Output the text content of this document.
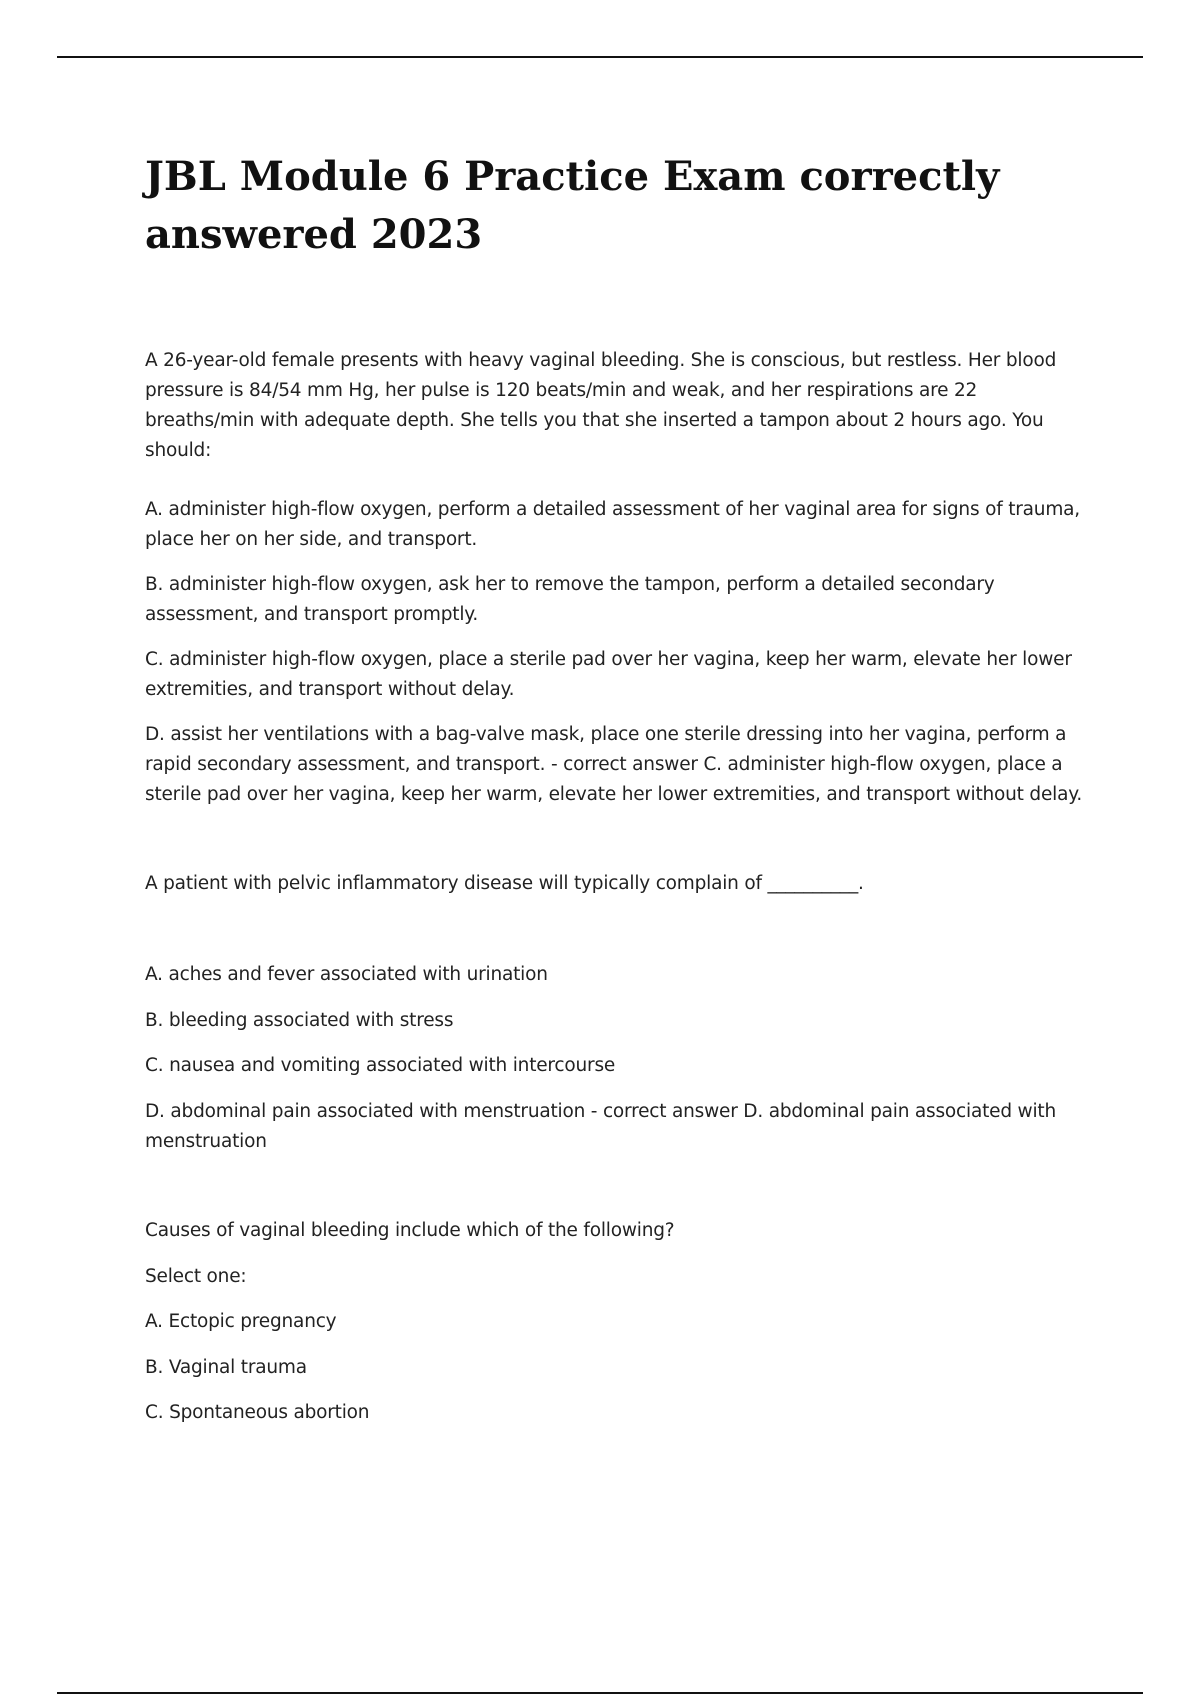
JBL Module 6 Practice Exam correctly answered 2023

A 26-year-old female presents with heavy vaginal bleeding. She is conscious, but restless. Her blood pressure is 84/54 mm Hg, her pulse is 120 beats/min and weak, and her respirations are 22 breaths/min with adequate depth. She tells you that she inserted a tampon about 2 hours ago. You should:

A. administer high-flow oxygen, perform a detailed assessment of her vaginal area for signs of trauma, place her on her side, and transport.

B. administer high-flow oxygen, ask her to remove the tampon, perform a detailed secondary assessment, and transport promptly.

C. administer high-flow oxygen, place a sterile pad over her vagina, keep her warm, elevate her lower extremities, and transport without delay.

D. assist her ventilations with a bag-valve mask, place one sterile dressing into her vagina, perform a rapid secondary assessment, and transport. - correct answer C. administer high-flow oxygen, place a sterile pad over her vagina, keep her warm, elevate her lower extremities, and transport without delay.

A patient with pelvic inflammatory disease will typically complain of __________.

A. aches and fever associated with urination

B. bleeding associated with stress

C. nausea and vomiting associated with intercourse

D. abdominal pain associated with menstruation - correct answer D. abdominal pain associated with menstruation

Causes of vaginal bleeding include which of the following?

Select one:

A. Ectopic pregnancy

B. Vaginal trauma

C. Spontaneous abortion
